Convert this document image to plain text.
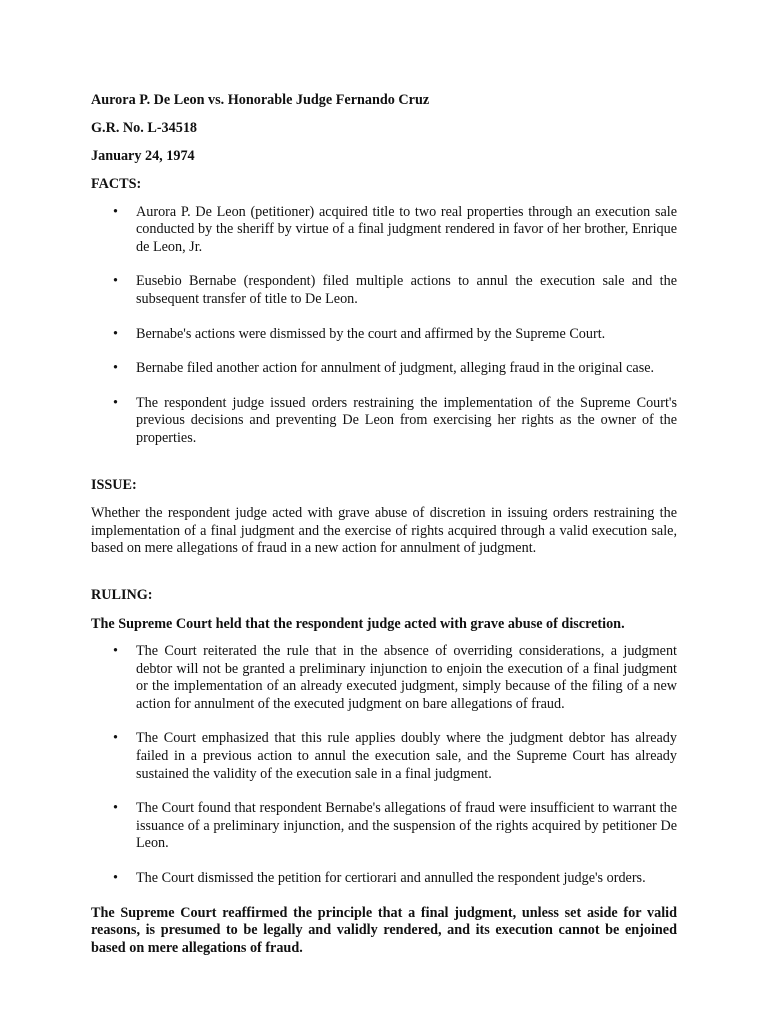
Aurora P. De Leon vs. Honorable Judge Fernando Cruz

G.R. No. L-34518

January 24, 1974

FACTS:

• Aurora P. De Leon (petitioner) acquired title to two real properties through an execution sale conducted by the sheriff by virtue of a final judgment rendered in favor of her brother, Enrique de Leon, Jr.
• Eusebio Bernabe (respondent) filed multiple actions to annul the execution sale and the subsequent transfer of title to De Leon.
• Bernabe's actions were dismissed by the court and affirmed by the Supreme Court.
• Bernabe filed another action for annulment of judgment, alleging fraud in the original case.
• The respondent judge issued orders restraining the implementation of the Supreme Court's previous decisions and preventing De Leon from exercising her rights as the owner of the properties.

ISSUE:

Whether the respondent judge acted with grave abuse of discretion in issuing orders restraining the implementation of a final judgment and the exercise of rights acquired through a valid execution sale, based on mere allegations of fraud in a new action for annulment of judgment.

RULING:

The Supreme Court held that the respondent judge acted with grave abuse of discretion.

• The Court reiterated the rule that in the absence of overriding considerations, a judgment debtor will not be granted a preliminary injunction to enjoin the execution of a final judgment or the implementation of an already executed judgment, simply because of the filing of a new action for annulment of the executed judgment on bare allegations of fraud.
• The Court emphasized that this rule applies doubly where the judgment debtor has already failed in a previous action to annul the execution sale, and the Supreme Court has already sustained the validity of the execution sale in a final judgment.
• The Court found that respondent Bernabe's allegations of fraud were insufficient to warrant the issuance of a preliminary injunction, and the suspension of the rights acquired by petitioner De Leon.
• The Court dismissed the petition for certiorari and annulled the respondent judge's orders.

The Supreme Court reaffirmed the principle that a final judgment, unless set aside for valid reasons, is presumed to be legally and validly rendered, and its execution cannot be enjoined based on mere allegations of fraud.
